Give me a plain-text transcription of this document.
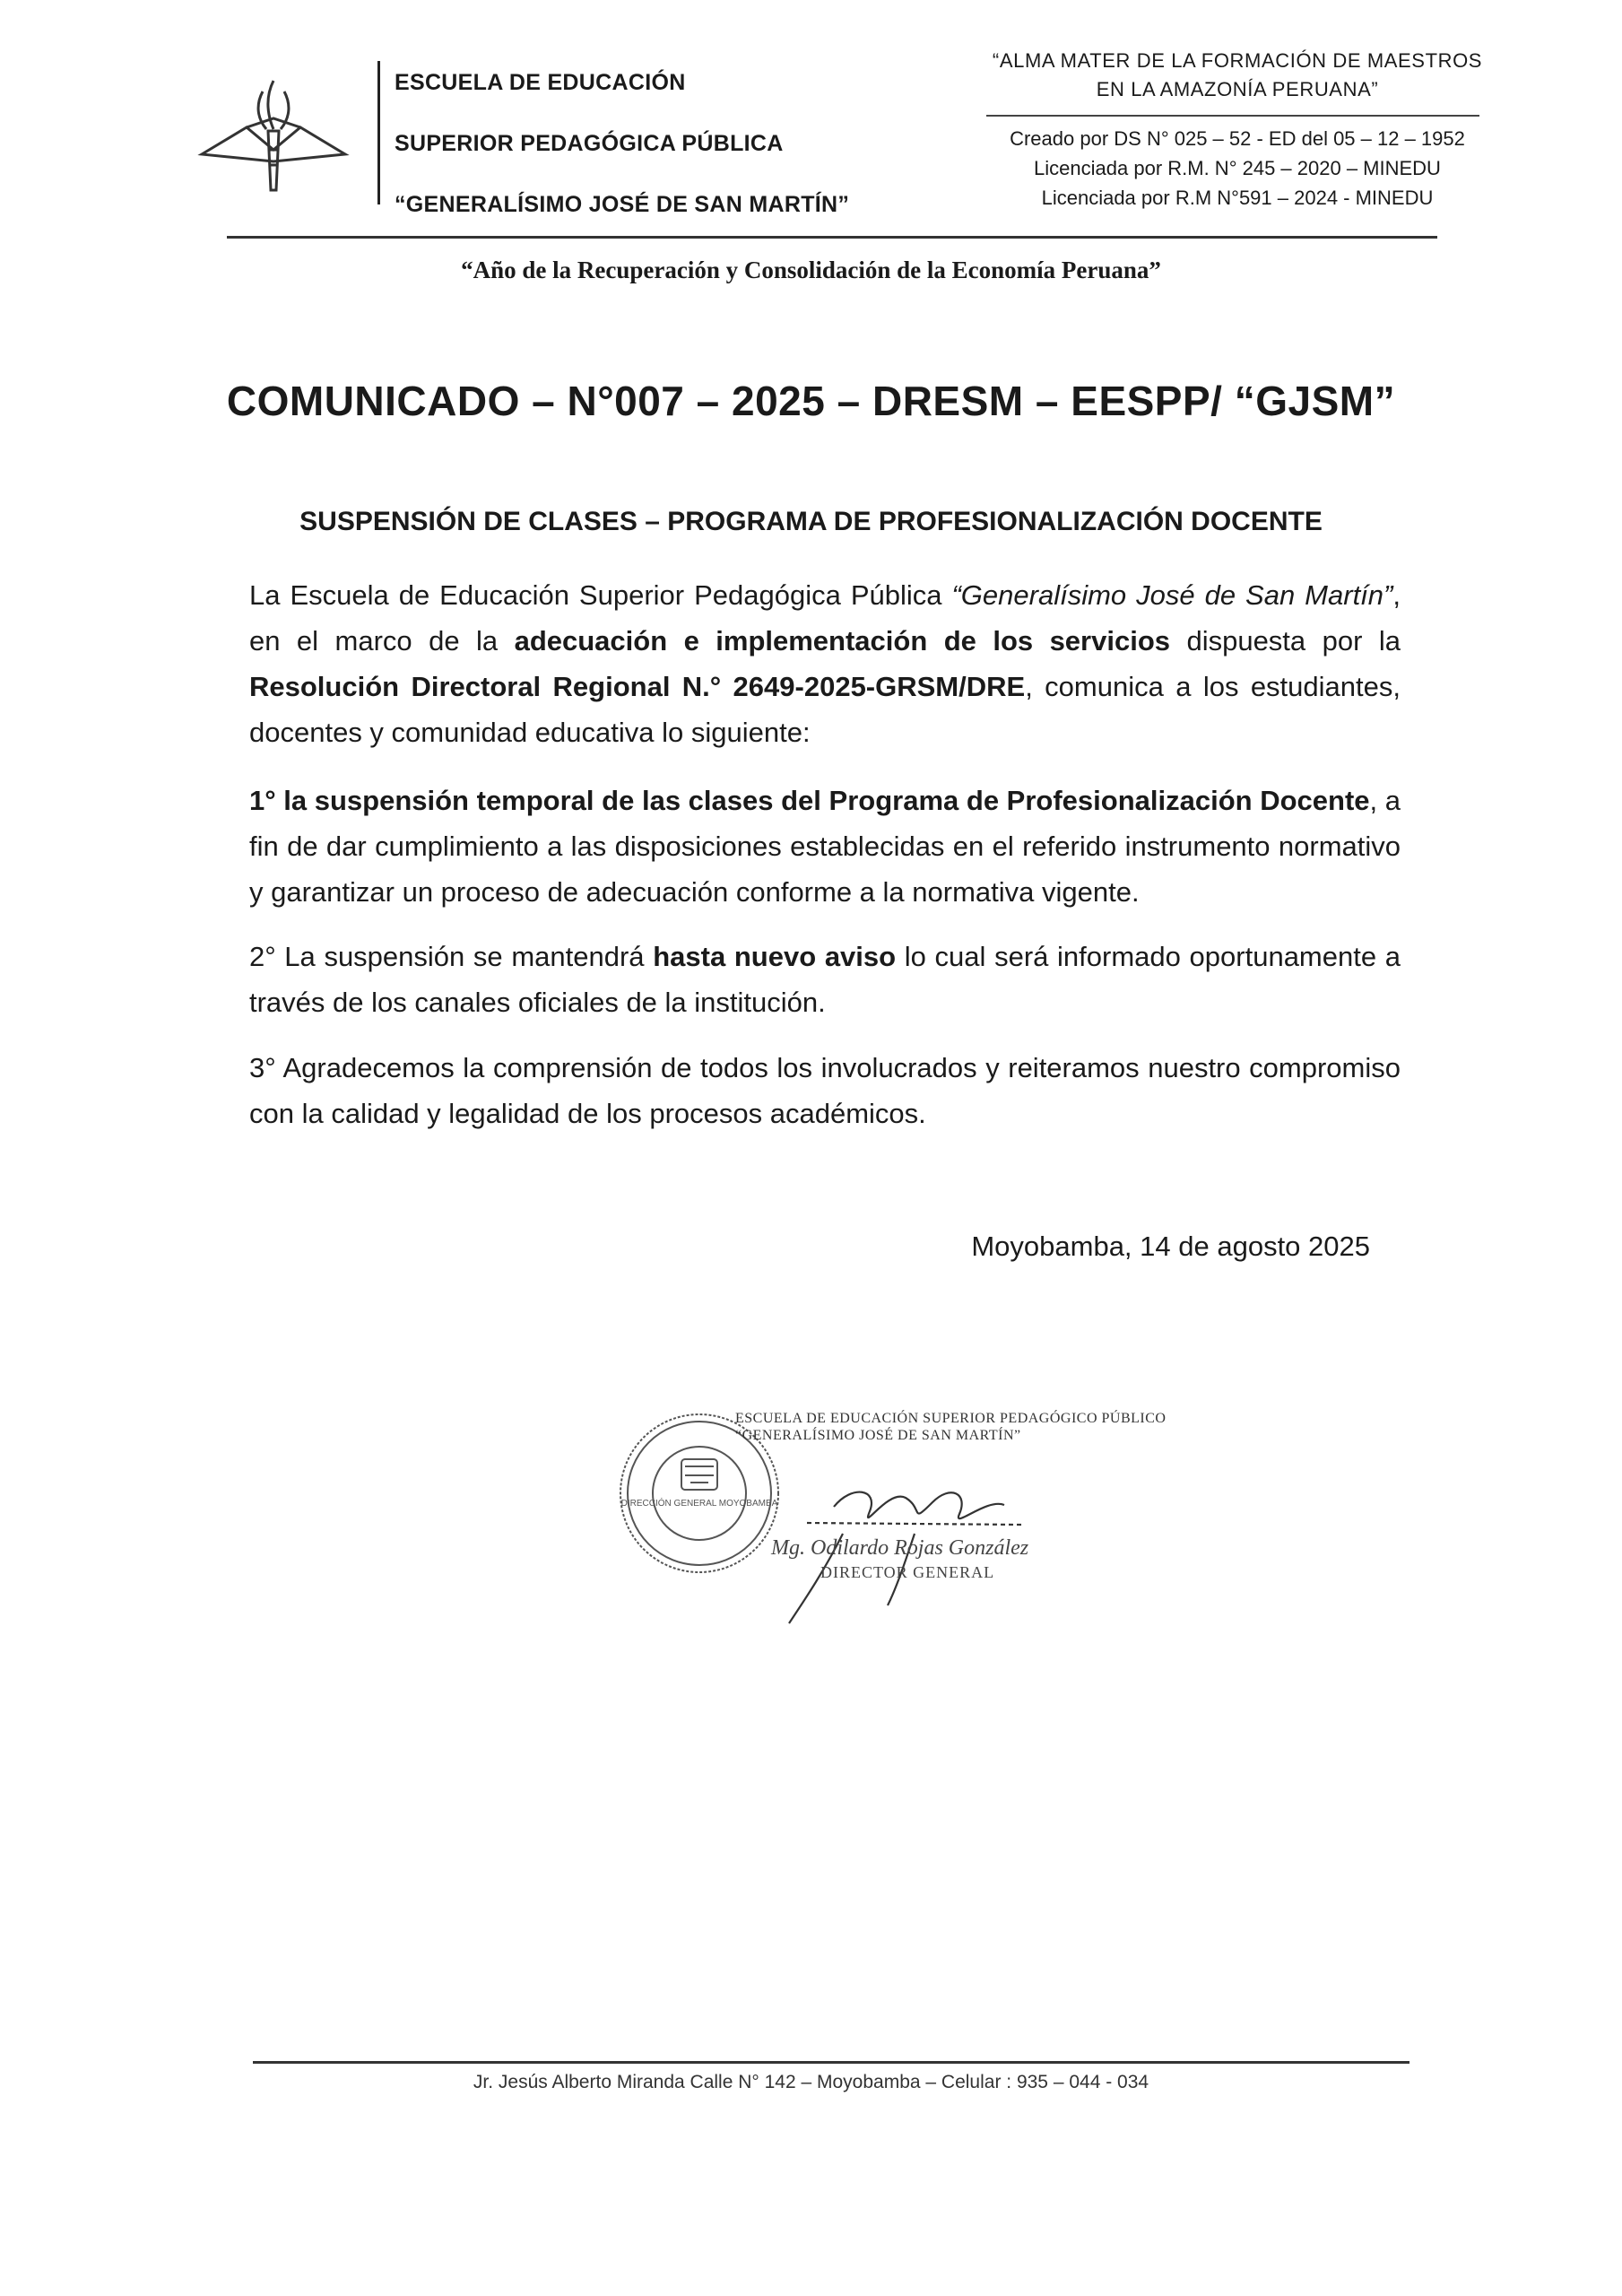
ESCUELA DE EDUCACIÓN
SUPERIOR PEDAGÓGICA PÚBLICA
“GENERALÍSIMO JOSÉ DE SAN MARTÍN”
“ALMA MATER DE LA FORMACIÓN DE MAESTROS
EN LA AMAZONÍA PERUANA”
Creado por DS N° 025 – 52 - ED del 05 – 12 – 1952
Licenciada por R.M. N° 245 – 2020 – MINEDU
Licenciada por R.M N°591 – 2024 - MINEDU
“Año de la Recuperación y Consolidación de la Economía Peruana”
COMUNICADO – N°007 – 2025 – DRESM – EESPP/ “GJSM”
SUSPENSIÓN DE CLASES – PROGRAMA DE PROFESIONALIZACIÓN DOCENTE

La Escuela de Educación Superior Pedagógica Pública “Generalísimo José de San Martín”, en el marco de la adecuación e implementación de los servicios dispuesta por la Resolución Directoral Regional N.° 2649-2025-GRSM/DRE, comunica a los estudiantes, docentes y comunidad educativa lo siguiente:

1° la suspensión temporal de las clases del Programa de Profesionalización Docente, a fin de dar cumplimiento a las disposiciones establecidas en el referido instrumento normativo y garantizar un proceso de adecuación conforme a la normativa vigente.

2° La suspensión se mantendrá hasta nuevo aviso lo cual será informado oportunamente a través de los canales oficiales de la institución.

3° Agradecemos la comprensión de todos los involucrados y reiteramos nuestro compromiso con la calidad y legalidad de los procesos académicos.

Moyobamba, 14 de agosto 2025
DIRECCIÓN GENERAL MOYOBAMBA
ESCUELA DE EDUCACIÓN SUPERIOR PEDAGÓGICO PÚBLICO
“GENERALÍSIMO JOSÉ DE SAN MARTÍN”
Mg. Odilardo Rojas González
DIRECTOR GENERAL
Jr. Jesús Alberto Miranda Calle N° 142 – Moyobamba – Celular : 935 – 044 - 034
